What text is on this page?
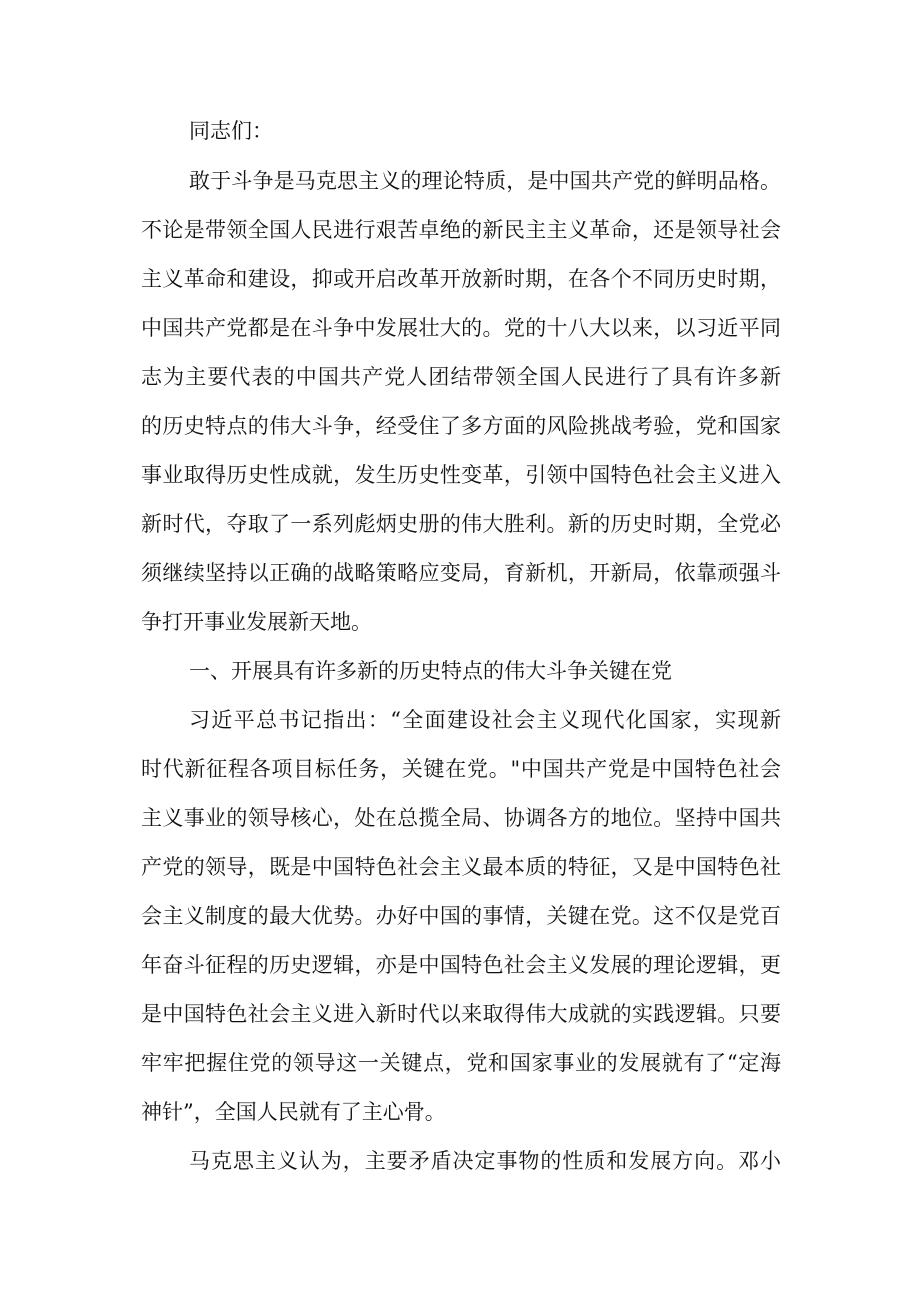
同志们：
敢于斗争是马克思主义的理论特质，是中国共产党的鲜明品格。
不论是带领全国人民进行艰苦卓绝的新民主主义革命，还是领导社会
主义革命和建设，抑或开启改革开放新时期，在各个不同历史时期，
中国共产党都是在斗争中发展壮大的。党的十八大以来，以习近平同
志为主要代表的中国共产党人团结带领全国人民进行了具有许多新
的历史特点的伟大斗争，经受住了多方面的风险挑战考验，党和国家
事业取得历史性成就，发生历史性变革，引领中国特色社会主义进入
新时代，夺取了一系列彪炳史册的伟大胜利。新的历史时期，全党必
须继续坚持以正确的战略策略应变局，育新机，开新局，依靠顽强斗
争打开事业发展新天地。
一、开展具有许多新的历史特点的伟大斗争关键在党
习近平总书记指出：“全面建设社会主义现代化国家，实现新
时代新征程各项目标任务，关键在党。"中国共产党是中国特色社会
主义事业的领导核心，处在总揽全局、协调各方的地位。坚持中国共
产党的领导，既是中国特色社会主义最本质的特征，又是中国特色社
会主义制度的最大优势。办好中国的事情，关键在党。这不仅是党百
年奋斗征程的历史逻辑，亦是中国特色社会主义发展的理论逻辑，更
是中国特色社会主义进入新时代以来取得伟大成就的实践逻辑。只要
牢牢把握住党的领导这一关键点，党和国家事业的发展就有了“定海
神针”，全国人民就有了主心骨。
马克思主义认为，主要矛盾决定事物的性质和发展方向。邓小
